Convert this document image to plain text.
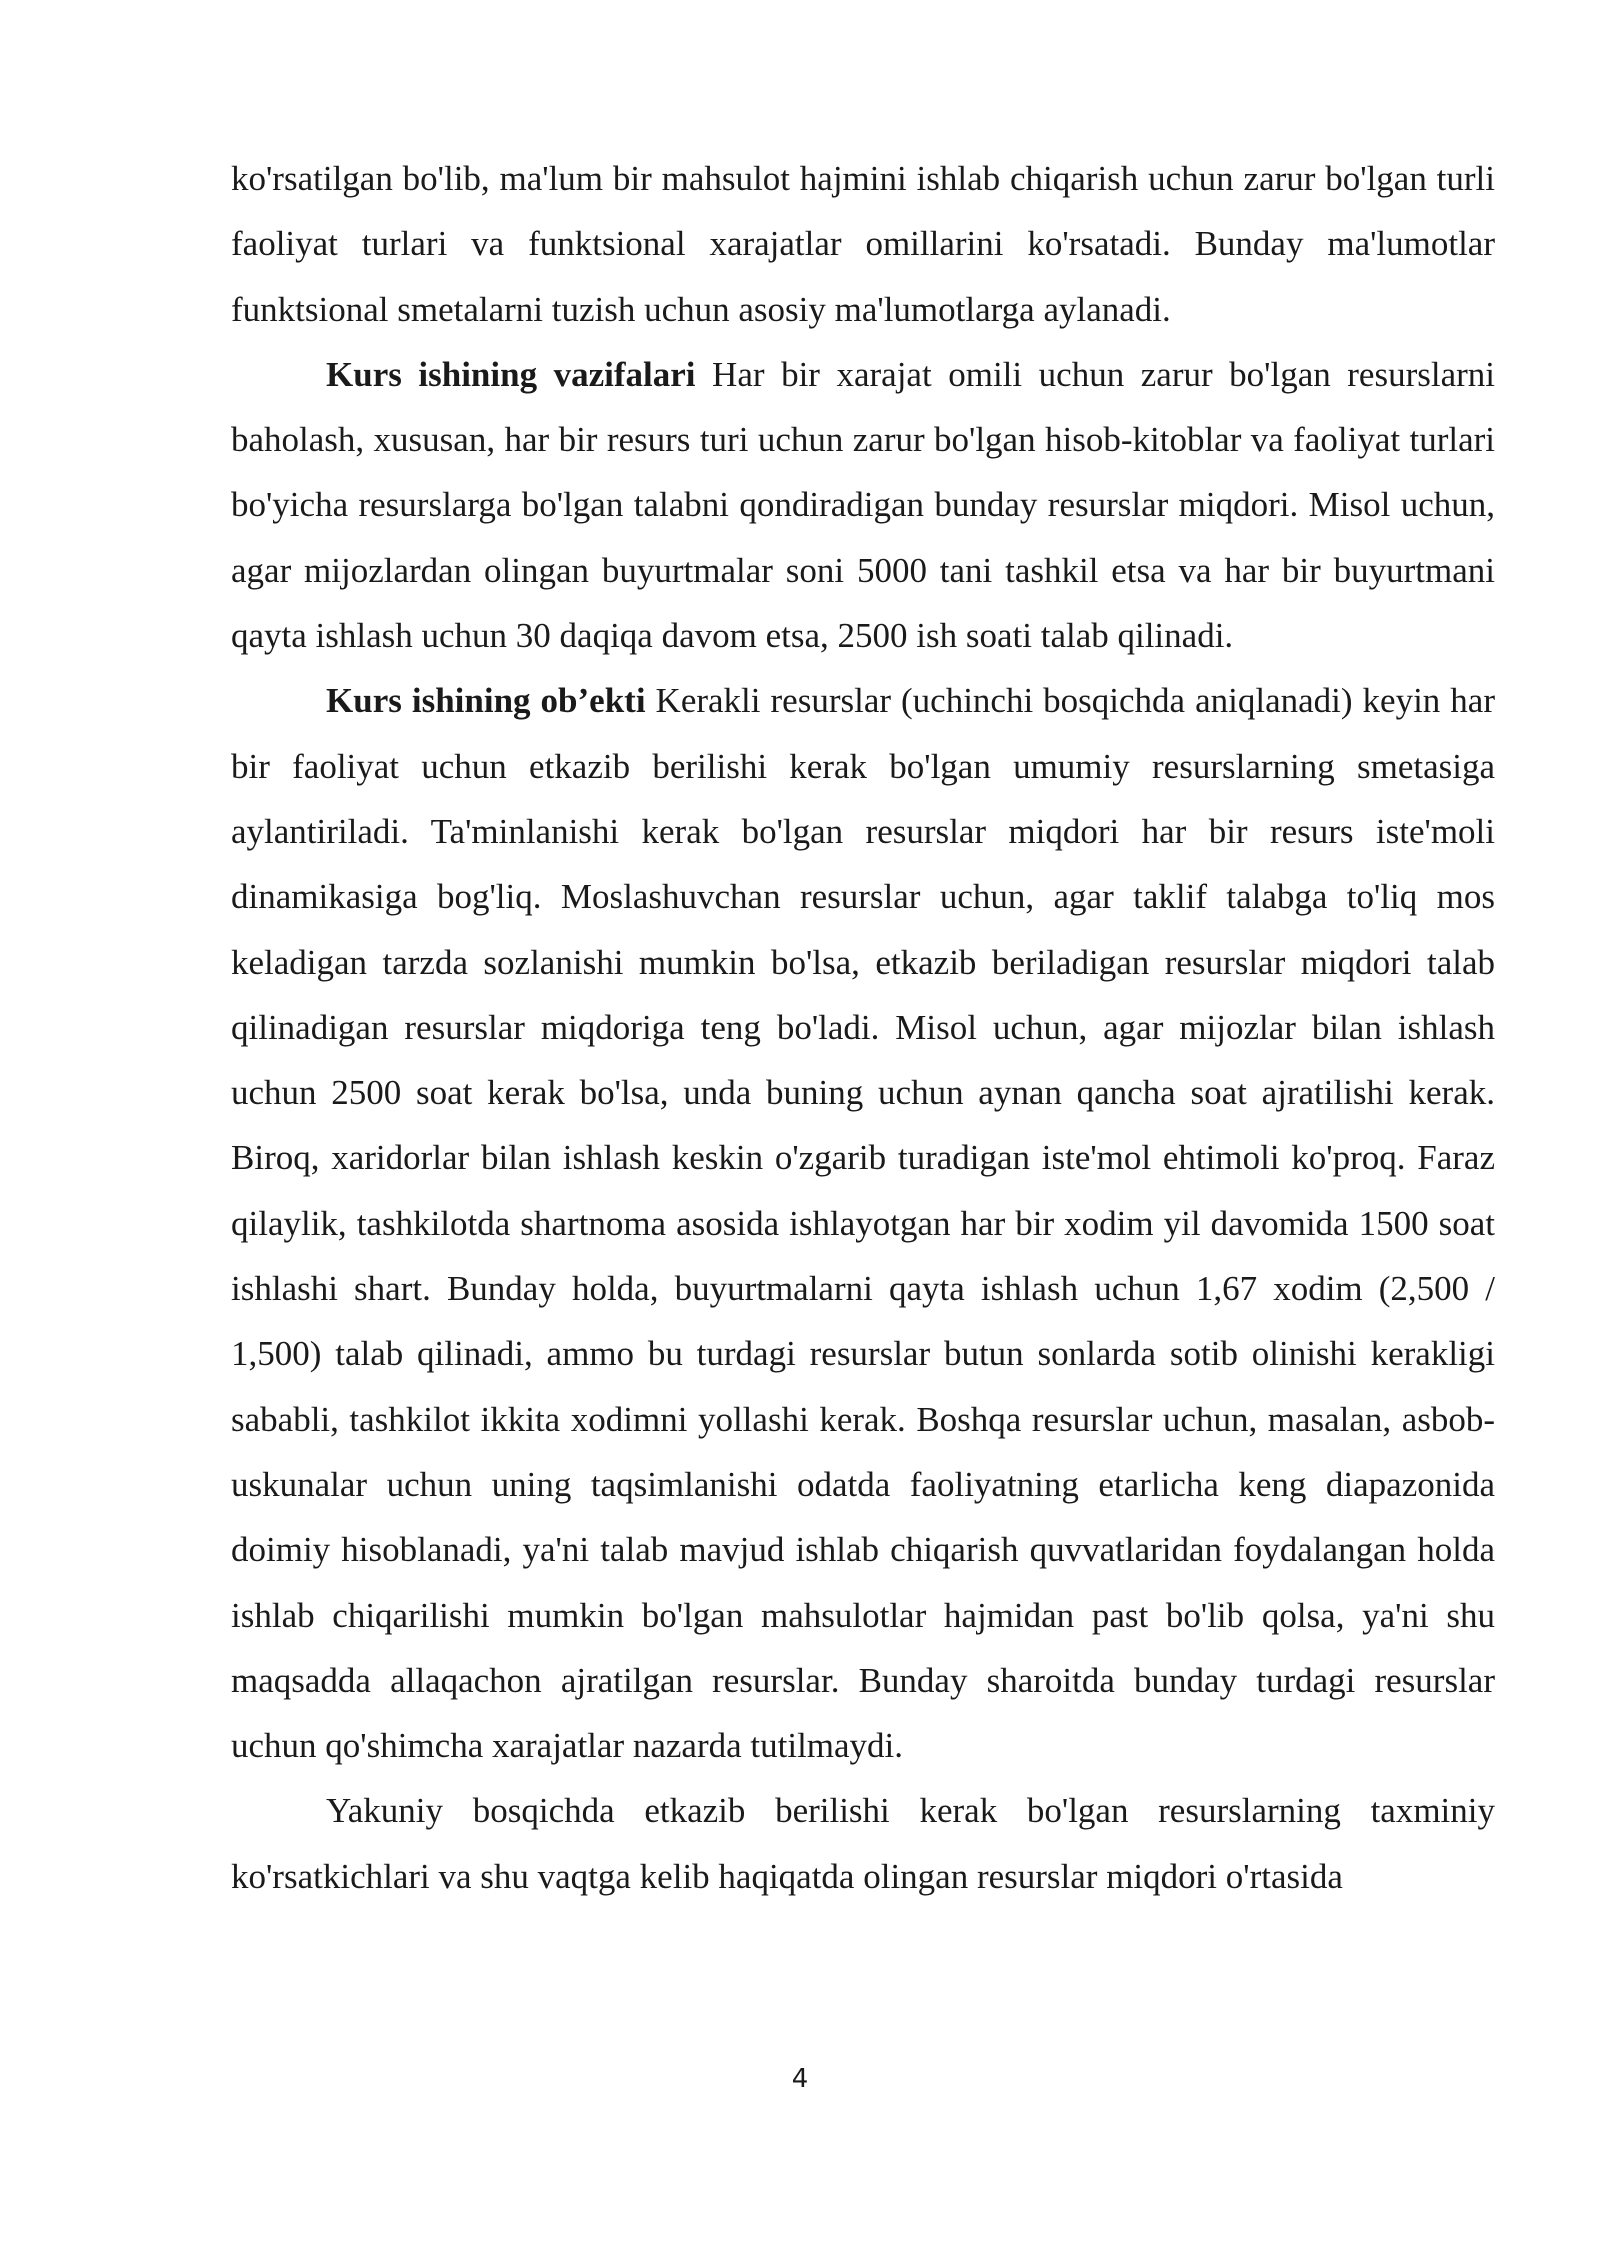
ko'rsatilgan bo'lib, ma'lum bir mahsulot hajmini ishlab chiqarish uchun zarur bo'lgan turli faoliyat turlari va funktsional xarajatlar omillarini ko'rsatadi. Bunday ma'lumotlar funktsional smetalarni tuzish uchun asosiy ma'lumotlarga aylanadi.

Kurs ishining vazifalari Har bir xarajat omili uchun zarur bo'lgan resurslarni baholash, xususan, har bir resurs turi uchun zarur bo'lgan hisob-kitoblar va faoliyat turlari bo'yicha resurslarga bo'lgan talabni qondiradigan bunday resurslar miqdori. Misol uchun, agar mijozlardan olingan buyurtmalar soni 5000 tani tashkil etsa va har bir buyurtmani qayta ishlash uchun 30 daqiqa davom etsa, 2500 ish soati talab qilinadi.

Kurs ishining ob’ekti Kerakli resurslar (uchinchi bosqichda aniqlanadi) keyin har bir faoliyat uchun etkazib berilishi kerak bo'lgan umumiy resurslarning smetasiga aylantiriladi. Ta'minlanishi kerak bo'lgan resurslar miqdori har bir resurs iste'moli dinamikasiga bog'liq. Moslashuvchan resurslar uchun, agar taklif talabga to'liq mos keladigan tarzda sozlanishi mumkin bo'lsa, etkazib beriladigan resurslar miqdori talab qilinadigan resurslar miqdoriga teng bo'ladi. Misol uchun, agar mijozlar bilan ishlash uchun 2500 soat kerak bo'lsa, unda buning uchun aynan qancha soat ajratilishi kerak. Biroq, xaridorlar bilan ishlash keskin o'zgarib turadigan iste'mol ehtimoli ko'proq. Faraz qilaylik, tashkilotda shartnoma asosida ishlayotgan har bir xodim yil davomida 1500 soat ishlashi shart. Bunday holda, buyurtmalarni qayta ishlash uchun 1,67 xodim (2,500 / 1,500) talab qilinadi, ammo bu turdagi resurslar butun sonlarda sotib olinishi kerakligi sababli, tashkilot ikkita xodimni yollashi kerak. Boshqa resurslar uchun, masalan, asbob-uskunalar uchun uning taqsimlanishi odatda faoliyatning etarlicha keng diapazonida doimiy hisoblanadi, ya'ni talab mavjud ishlab chiqarish quvvatlaridan foydalangan holda ishlab chiqarilishi mumkin bo'lgan mahsulotlar hajmidan past bo'lib qolsa, ya'ni shu maqsadda allaqachon ajratilgan resurslar. Bunday sharoitda bunday turdagi resurslar uchun qo'shimcha xarajatlar nazarda tutilmaydi.

Yakuniy bosqichda etkazib berilishi kerak bo'lgan resurslarning taxminiy ko'rsatkichlari va shu vaqtga kelib haqiqatda olingan resurslar miqdori o'rtasida

4
